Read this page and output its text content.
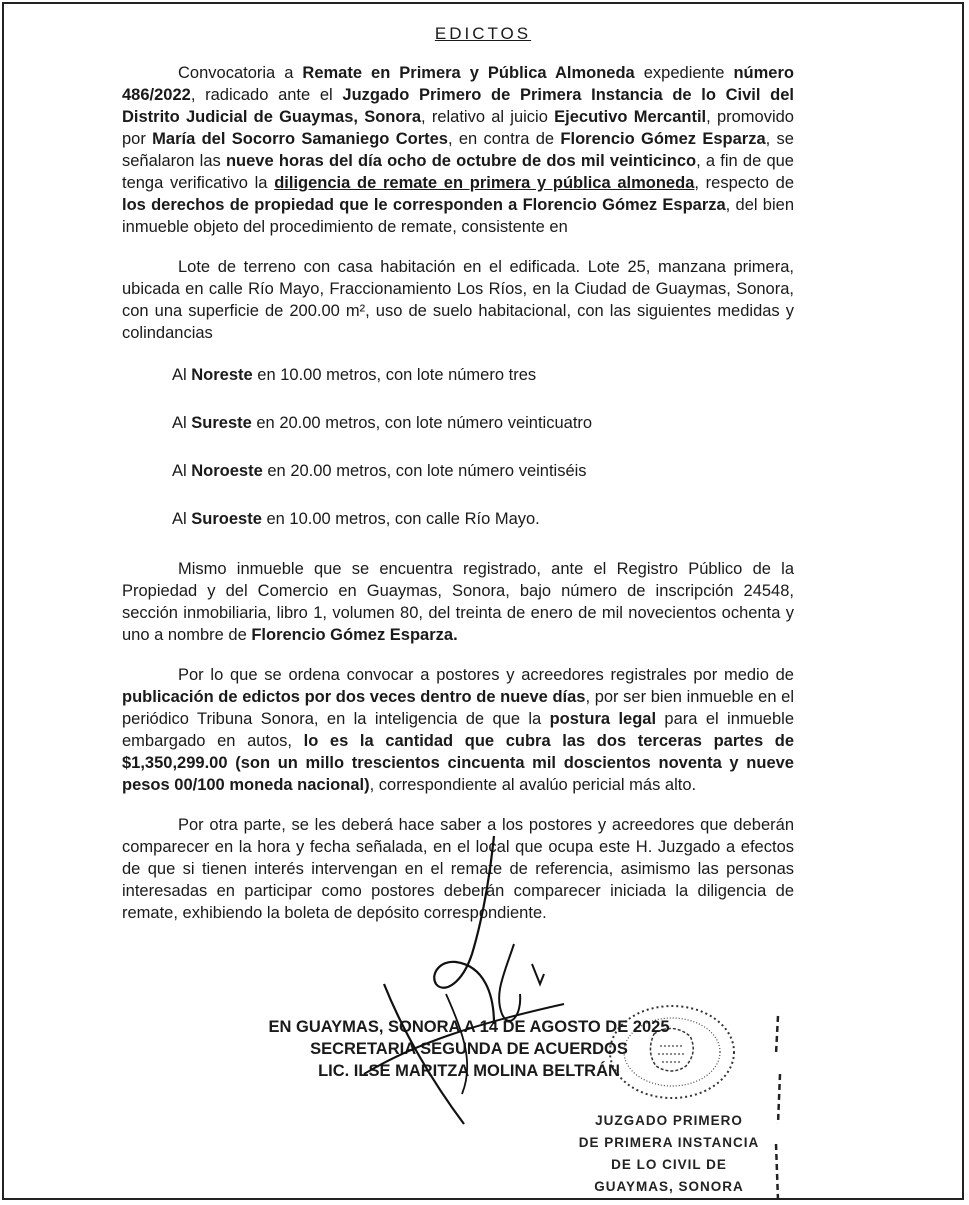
EDICTOS

Convocatoria a Remate en Primera y Pública Almoneda expediente número 486/2022, radicado ante el Juzgado Primero de Primera Instancia de lo Civil del Distrito Judicial de Guaymas, Sonora, relativo al juicio Ejecutivo Mercantil, promovido por María del Socorro Samaniego Cortes, en contra de Florencio Gómez Esparza, se señalaron las nueve horas del día ocho de octubre de dos mil veinticinco, a fin de que tenga verificativo la diligencia de remate en primera y pública almoneda, respecto de los derechos de propiedad que le corresponden a Florencio Gómez Esparza, del bien inmueble objeto del procedimiento de remate, consistente en

Lote de terreno con casa habitación en el edificada. Lote 25, manzana primera, ubicada en calle Río Mayo, Fraccionamiento Los Ríos, en la Ciudad de Guaymas, Sonora, con una superficie de 200.00 m², uso de suelo habitacional, con las siguientes medidas y colindancias

Al Noreste en 10.00 metros, con lote número tres
Al Sureste en 20.00 metros, con lote número veinticuatro
Al Noroeste en 20.00 metros, con lote número veintiséis
Al Suroeste en 10.00 metros, con calle Río Mayo.

Mismo inmueble que se encuentra registrado, ante el Registro Público de la Propiedad y del Comercio en Guaymas, Sonora, bajo número de inscripción 24548, sección inmobiliaria, libro 1, volumen 80, del treinta de enero de mil novecientos ochenta y uno a nombre de Florencio Gómez Esparza.

Por lo que se ordena convocar a postores y acreedores registrales por medio de publicación de edictos por dos veces dentro de nueve días, por ser bien inmueble en el periódico Tribuna Sonora, en la inteligencia de que la postura legal para el inmueble embargado en autos, lo es la cantidad que cubra las dos terceras partes de $1,350,299.00 (son un millo trescientos cincuenta mil doscientos noventa y nueve pesos 00/100 moneda nacional), correspondiente al avalúo pericial más alto.

Por otra parte, se les deberá hace saber a los postores y acreedores que deberán comparecer en la hora y fecha señalada, en el local que ocupa este H. Juzgado a efectos de que si tienen interés intervengan en el remate de referencia, asimismo las personas interesadas en participar como postores deberán comparecer iniciada la diligencia de remate, exhibiendo la boleta de depósito correspondiente.

EN GUAYMAS, SONORA A 14 DE AGOSTO DE 2025
SECRETARIA SEGUNDA DE ACUERDOS
LIC. ILSE MARITZA MOLINA BELTRÁN
JUZGADO PRIMERO
DE PRIMERA INSTANCIA
DE LO CIVIL DE
GUAYMAS, SONORA
